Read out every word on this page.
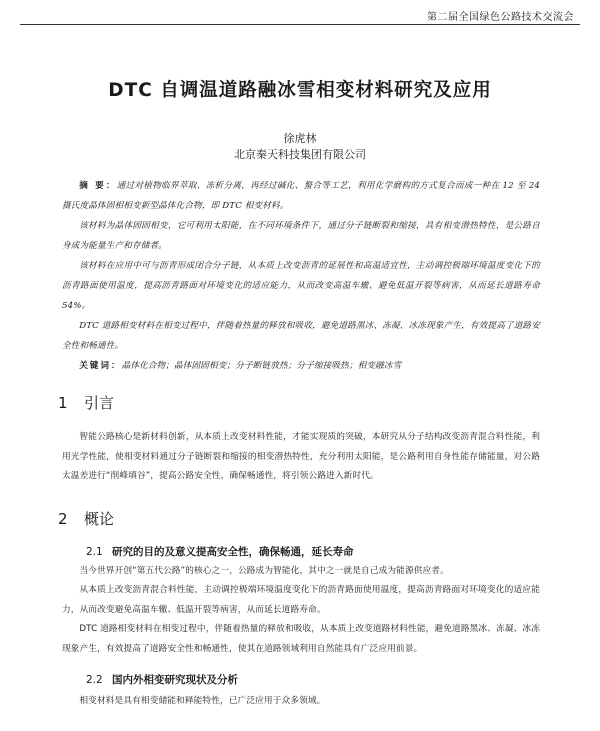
第二届全国绿色公路技术交流会
DTC 自调温道路融冰雪相变材料研究及应用
徐虎林
北京秦天科技集团有限公司

摘 要：通过对植物临界萃取、冻析分离，再经过碱化、螯合等工艺，利用化学磨构的方式复合而成一种在 12 至 24 摄氏度晶体固相相变新型晶体化合物，即 DTC 相变材料。

该材料为晶体固固相变，它可利用太阳能，在不同环境条件下，通过分子链断裂和缩接，具有相变潜热特性，是公路自身成为能量生产和存储者。

该材料在应用中可与沥青形成闭合分子链，从本质上改变沥青的延展性和高温适宜性，主动调控极端环境温度变化下的沥青路面使用温度，提高沥青路面对环境变化的适应能力，从而改变高温车辙、避免低温开裂等病害，从而延长道路寿命 54%。

DTC 道路相变材料在相变过程中，伴随着热量的释放和吸收，避免道路黑冰、冻凝、冰冻现象产生，有效提高了道路安全性和畅通性。

关键词：晶体化合物；晶体固固相变；分子断链放热；分子缩接吸热；相变融冰雪

1 引言

智能公路核心是新材料创新，从本质上改变材料性能，才能实现质的突破，本研究从分子结构改变沥青混合料性能，利用光学性能，使相变材料通过分子链断裂和缩接的相变潜热特性，充分利用太阳能，是公路利用自身性能存储能量，对公路太温差进行“削峰填谷”，提高公路安全性，确保畅通性，将引领公路进入新时代。

2 概论
2.1 研究的目的及意义提高安全性，确保畅通，延长寿命

当今世界开创“第五代公路”的核心之一，公路成为智能化，其中之一就是自己成为能源供应者。

从本质上改变沥青混合料性能，主动调控极端环境温度变化下的沥青路面使用温度，提高沥青路面对环境变化的适应能力，从而改变避免高温车辙、低温开裂等病害，从而延长道路寿命。

DTC 道路相变材料在相变过程中，伴随着热量的释放和吸收，从本质上改变道路材料性能，避免道路黑冰、冻凝、冰冻现象产生，有效提高了道路安全性和畅通性，使其在道路领域利用自然能具有广泛应用前景。

2.2 国内外相变研究现状及分析

相变材料是具有相变储能和释能特性，已广泛应用于众多领域。
